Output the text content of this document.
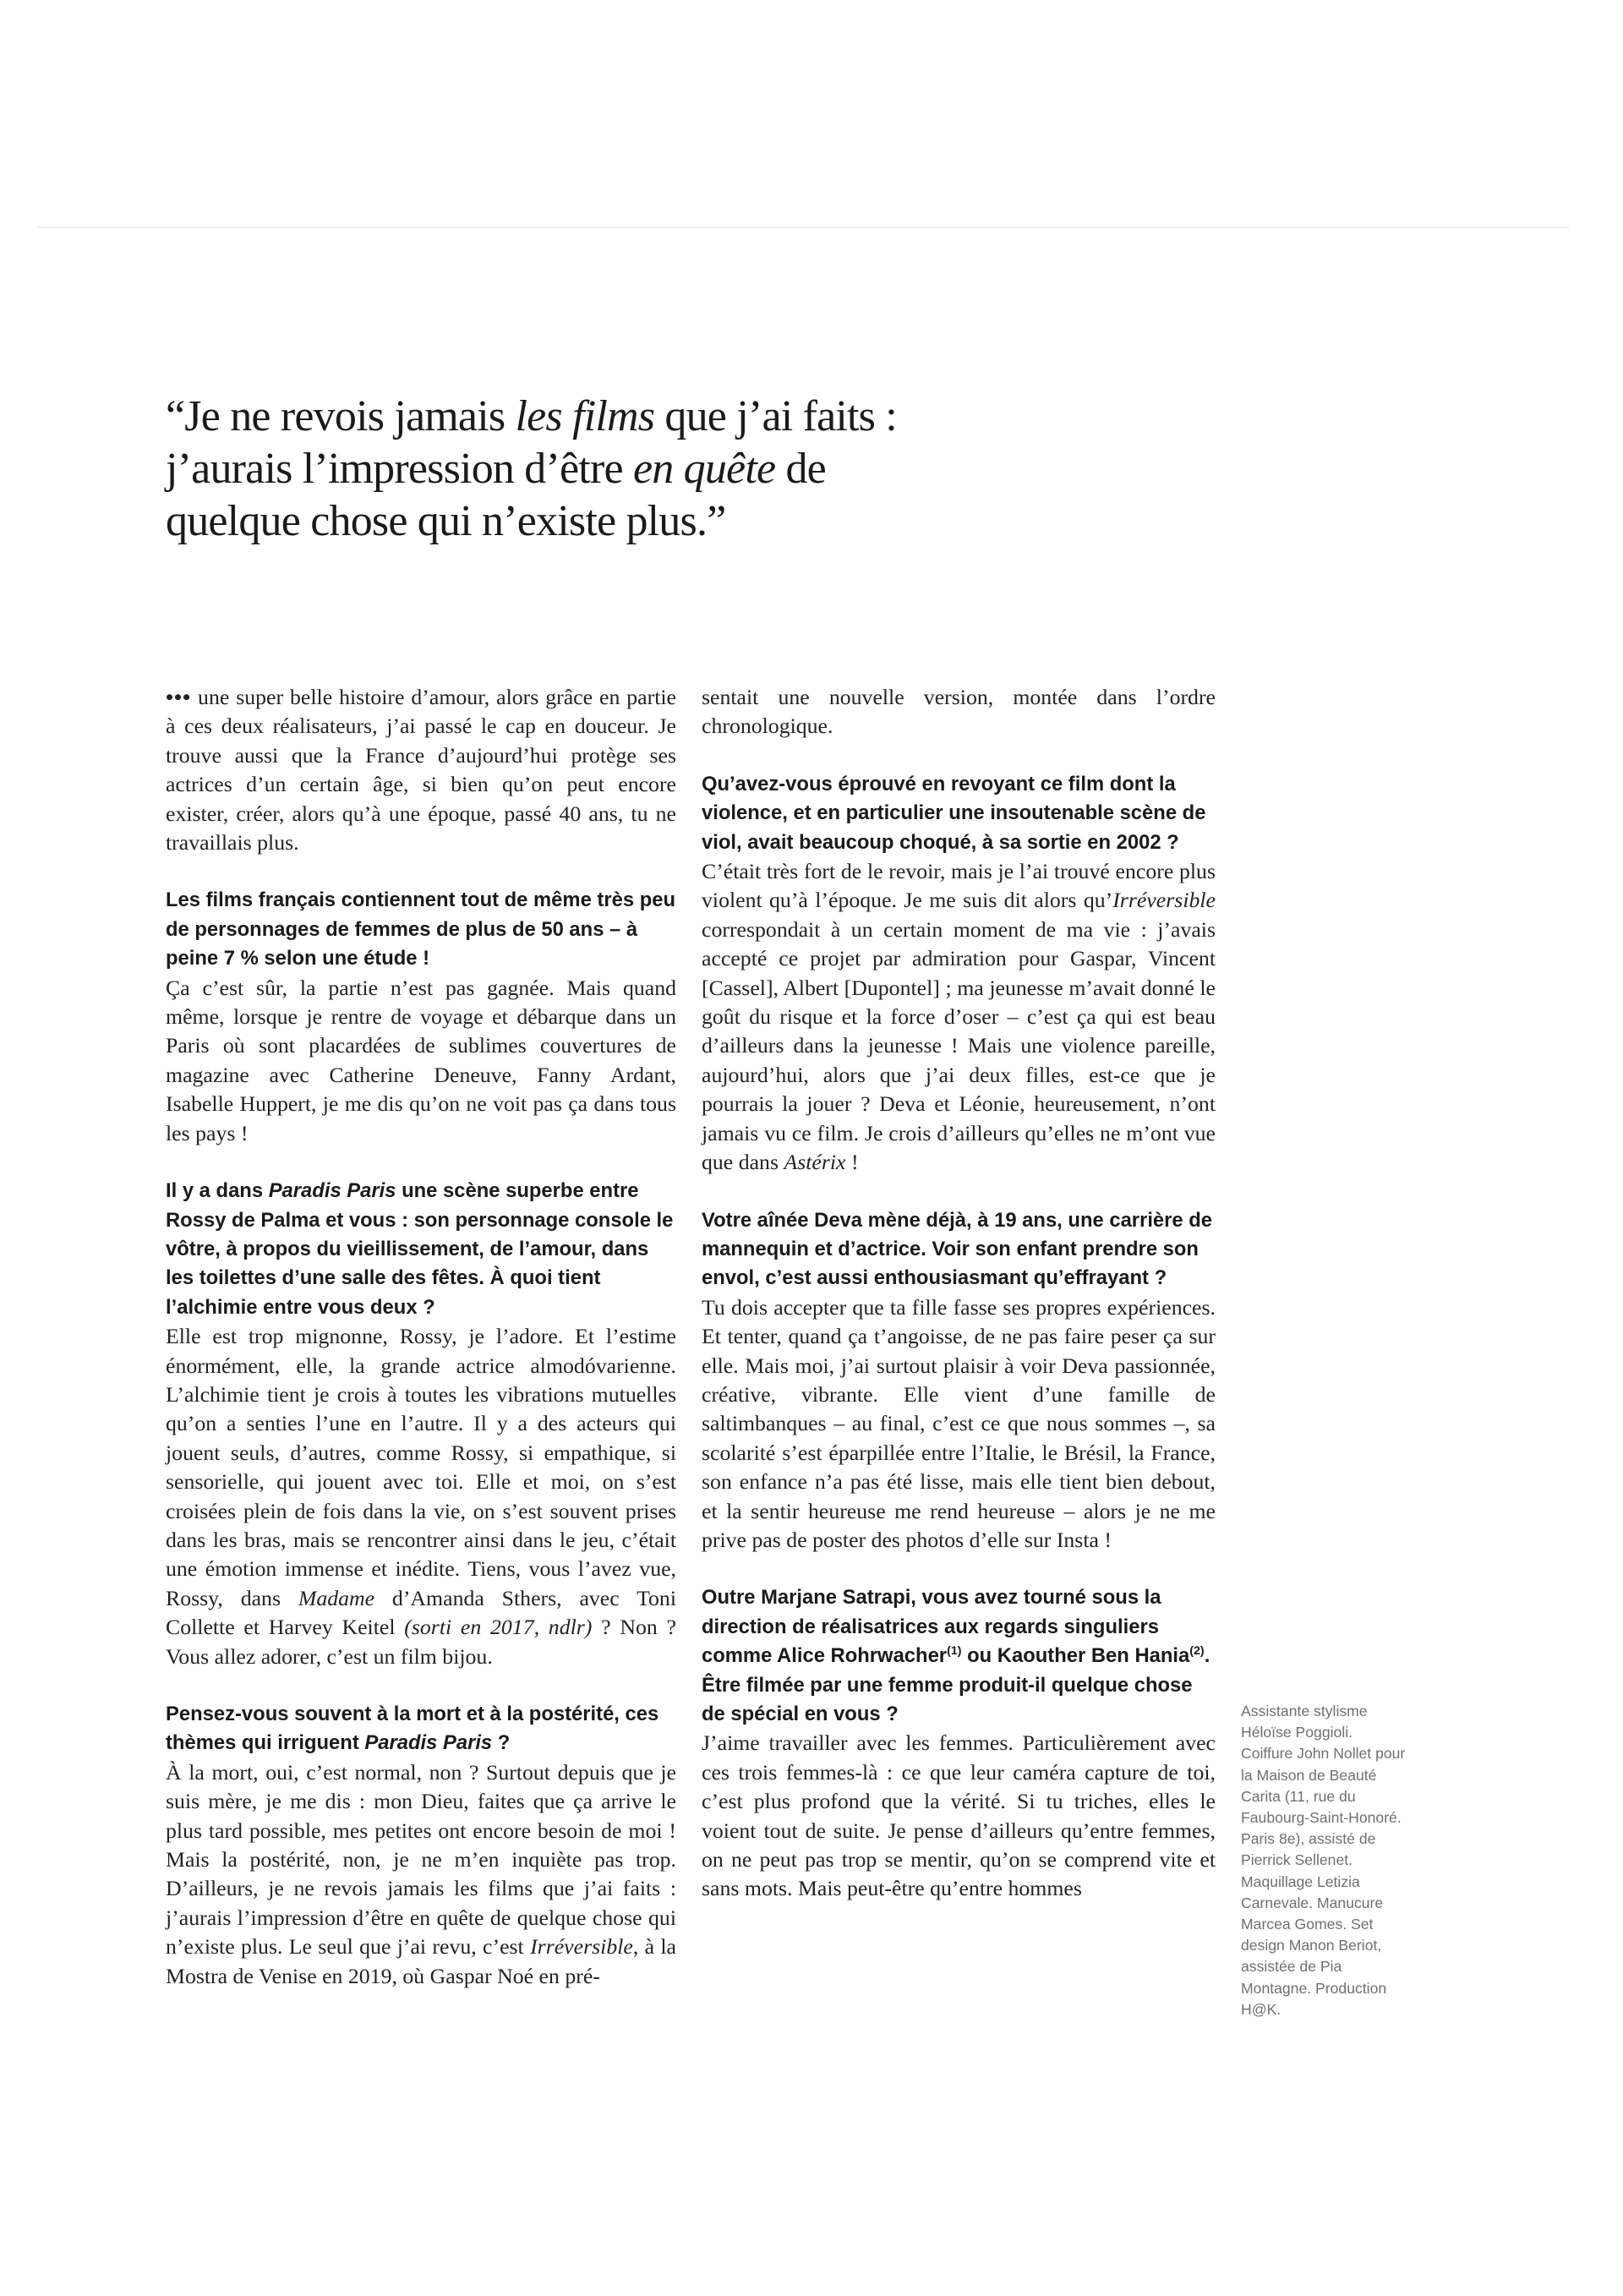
“Je ne revois jamais les films que j’ai faits : j’aurais l’impression d’être en quête de quelque chose qui n’existe plus.”

••• une super belle histoire d’amour, alors grâce en partie à ces deux réalisateurs, j’ai passé le cap en douceur. Je trouve aussi que la France d’aujourd’hui protège ses actrices d’un certain âge, si bien qu’on peut encore exister, créer, alors qu’à une époque, passé 40 ans, tu ne travaillais plus.

Les films français contiennent tout de même très peu de personnages de femmes de plus de 50 ans – à peine 7 % selon une étude !

Ça c’est sûr, la partie n’est pas gagnée. Mais quand même, lorsque je rentre de voyage et débarque dans un Paris où sont placardées de sublimes couvertures de magazine avec Catherine Deneuve, Fanny Ardant, Isabelle Huppert, je me dis qu’on ne voit pas ça dans tous les pays !

Il y a dans Paradis Paris une scène superbe entre Rossy de Palma et vous : son personnage console le vôtre, à propos du vieillissement, de l’amour, dans les toilettes d’une salle des fêtes. À quoi tient l’alchimie entre vous deux ?

Elle est trop mignonne, Rossy, je l’adore. Et l’estime énormément, elle, la grande actrice almodóvarienne. L’alchimie tient je crois à toutes les vibrations mutuelles qu’on a senties l’une en l’autre. Il y a des acteurs qui jouent seuls, d’autres, comme Rossy, si empathique, si sensorielle, qui jouent avec toi. Elle et moi, on s’est croisées plein de fois dans la vie, on s’est souvent prises dans les bras, mais se rencontrer ainsi dans le jeu, c’était une émotion immense et inédite. Tiens, vous l’avez vue, Rossy, dans Madame d’Amanda Sthers, avec Toni Collette et Harvey Keitel (sorti en 2017, ndlr) ? Non ? Vous allez adorer, c’est un film bijou.

Pensez-vous souvent à la mort et à la postérité, ces thèmes qui irriguent Paradis Paris ?

À la mort, oui, c’est normal, non ? Surtout depuis que je suis mère, je me dis : mon Dieu, faites que ça arrive le plus tard possible, mes petites ont encore besoin de moi ! Mais la postérité, non, je ne m’en inquiète pas trop. D’ailleurs, je ne revois jamais les films que j’ai faits : j’aurais l’impression d’être en quête de quelque chose qui n’existe plus. Le seul que j’ai revu, c’est Irréversible, à la Mostra de Venise en 2019, où Gaspar Noé en pré-

sentait une nouvelle version, montée dans l’ordre chronologique.

Qu’avez-vous éprouvé en revoyant ce film dont la violence, et en particulier une insoutenable scène de viol, avait beaucoup choqué, à sa sortie en 2002 ?

C’était très fort de le revoir, mais je l’ai trouvé encore plus violent qu’à l’époque. Je me suis dit alors qu’Irréversible correspondait à un certain moment de ma vie : j’avais accepté ce projet par admiration pour Gaspar, Vincent [Cassel], Albert [Dupontel] ; ma jeunesse m’avait donné le goût du risque et la force d’oser – c’est ça qui est beau d’ailleurs dans la jeunesse ! Mais une violence pareille, aujourd’hui, alors que j’ai deux filles, est-ce que je pourrais la jouer ? Deva et Léonie, heureusement, n’ont jamais vu ce film. Je crois d’ailleurs qu’elles ne m’ont vue que dans Astérix !

Votre aînée Deva mène déjà, à 19 ans, une carrière de mannequin et d’actrice. Voir son enfant prendre son envol, c’est aussi enthousiasmant qu’effrayant ?

Tu dois accepter que ta fille fasse ses propres expériences. Et tenter, quand ça t’angoisse, de ne pas faire peser ça sur elle. Mais moi, j’ai surtout plaisir à voir Deva passionnée, créative, vibrante. Elle vient d’une famille de saltimbanques – au final, c’est ce que nous sommes –, sa scolarité s’est éparpillée entre l’Italie, le Brésil, la France, son enfance n’a pas été lisse, mais elle tient bien debout, et la sentir heureuse me rend heureuse – alors je ne me prive pas de poster des photos d’elle sur Insta !

Outre Marjane Satrapi, vous avez tourné sous la direction de réalisatrices aux regards singuliers comme Alice Rohrwacher$^{(1)}$ ou Kaouther Ben Hania$^{(2)}$. Être filmée par une femme produit-il quelque chose de spécial en vous ?

J’aime travailler avec les femmes. Particulièrement avec ces trois femmes-là : ce que leur caméra capture de toi, c’est plus profond que la vérité. Si tu triches, elles le voient tout de suite. Je pense d’ailleurs qu’entre femmes, on ne peut pas trop se mentir, qu’on se comprend vite et sans mots. Mais peut-être qu’entre hommes

Assistante stylisme Héloïse Poggioli. Coiffure John Nollet pour la Maison de Beauté Carita (11, rue du Faubourg-Saint-Honoré. Paris 8e), assisté de Pierrick Sellenet. Maquillage Letizia Carnevale. Manucure Marcea Gomes. Set design Manon Beriot, assistée de Pia Montagne. Production H@K.
